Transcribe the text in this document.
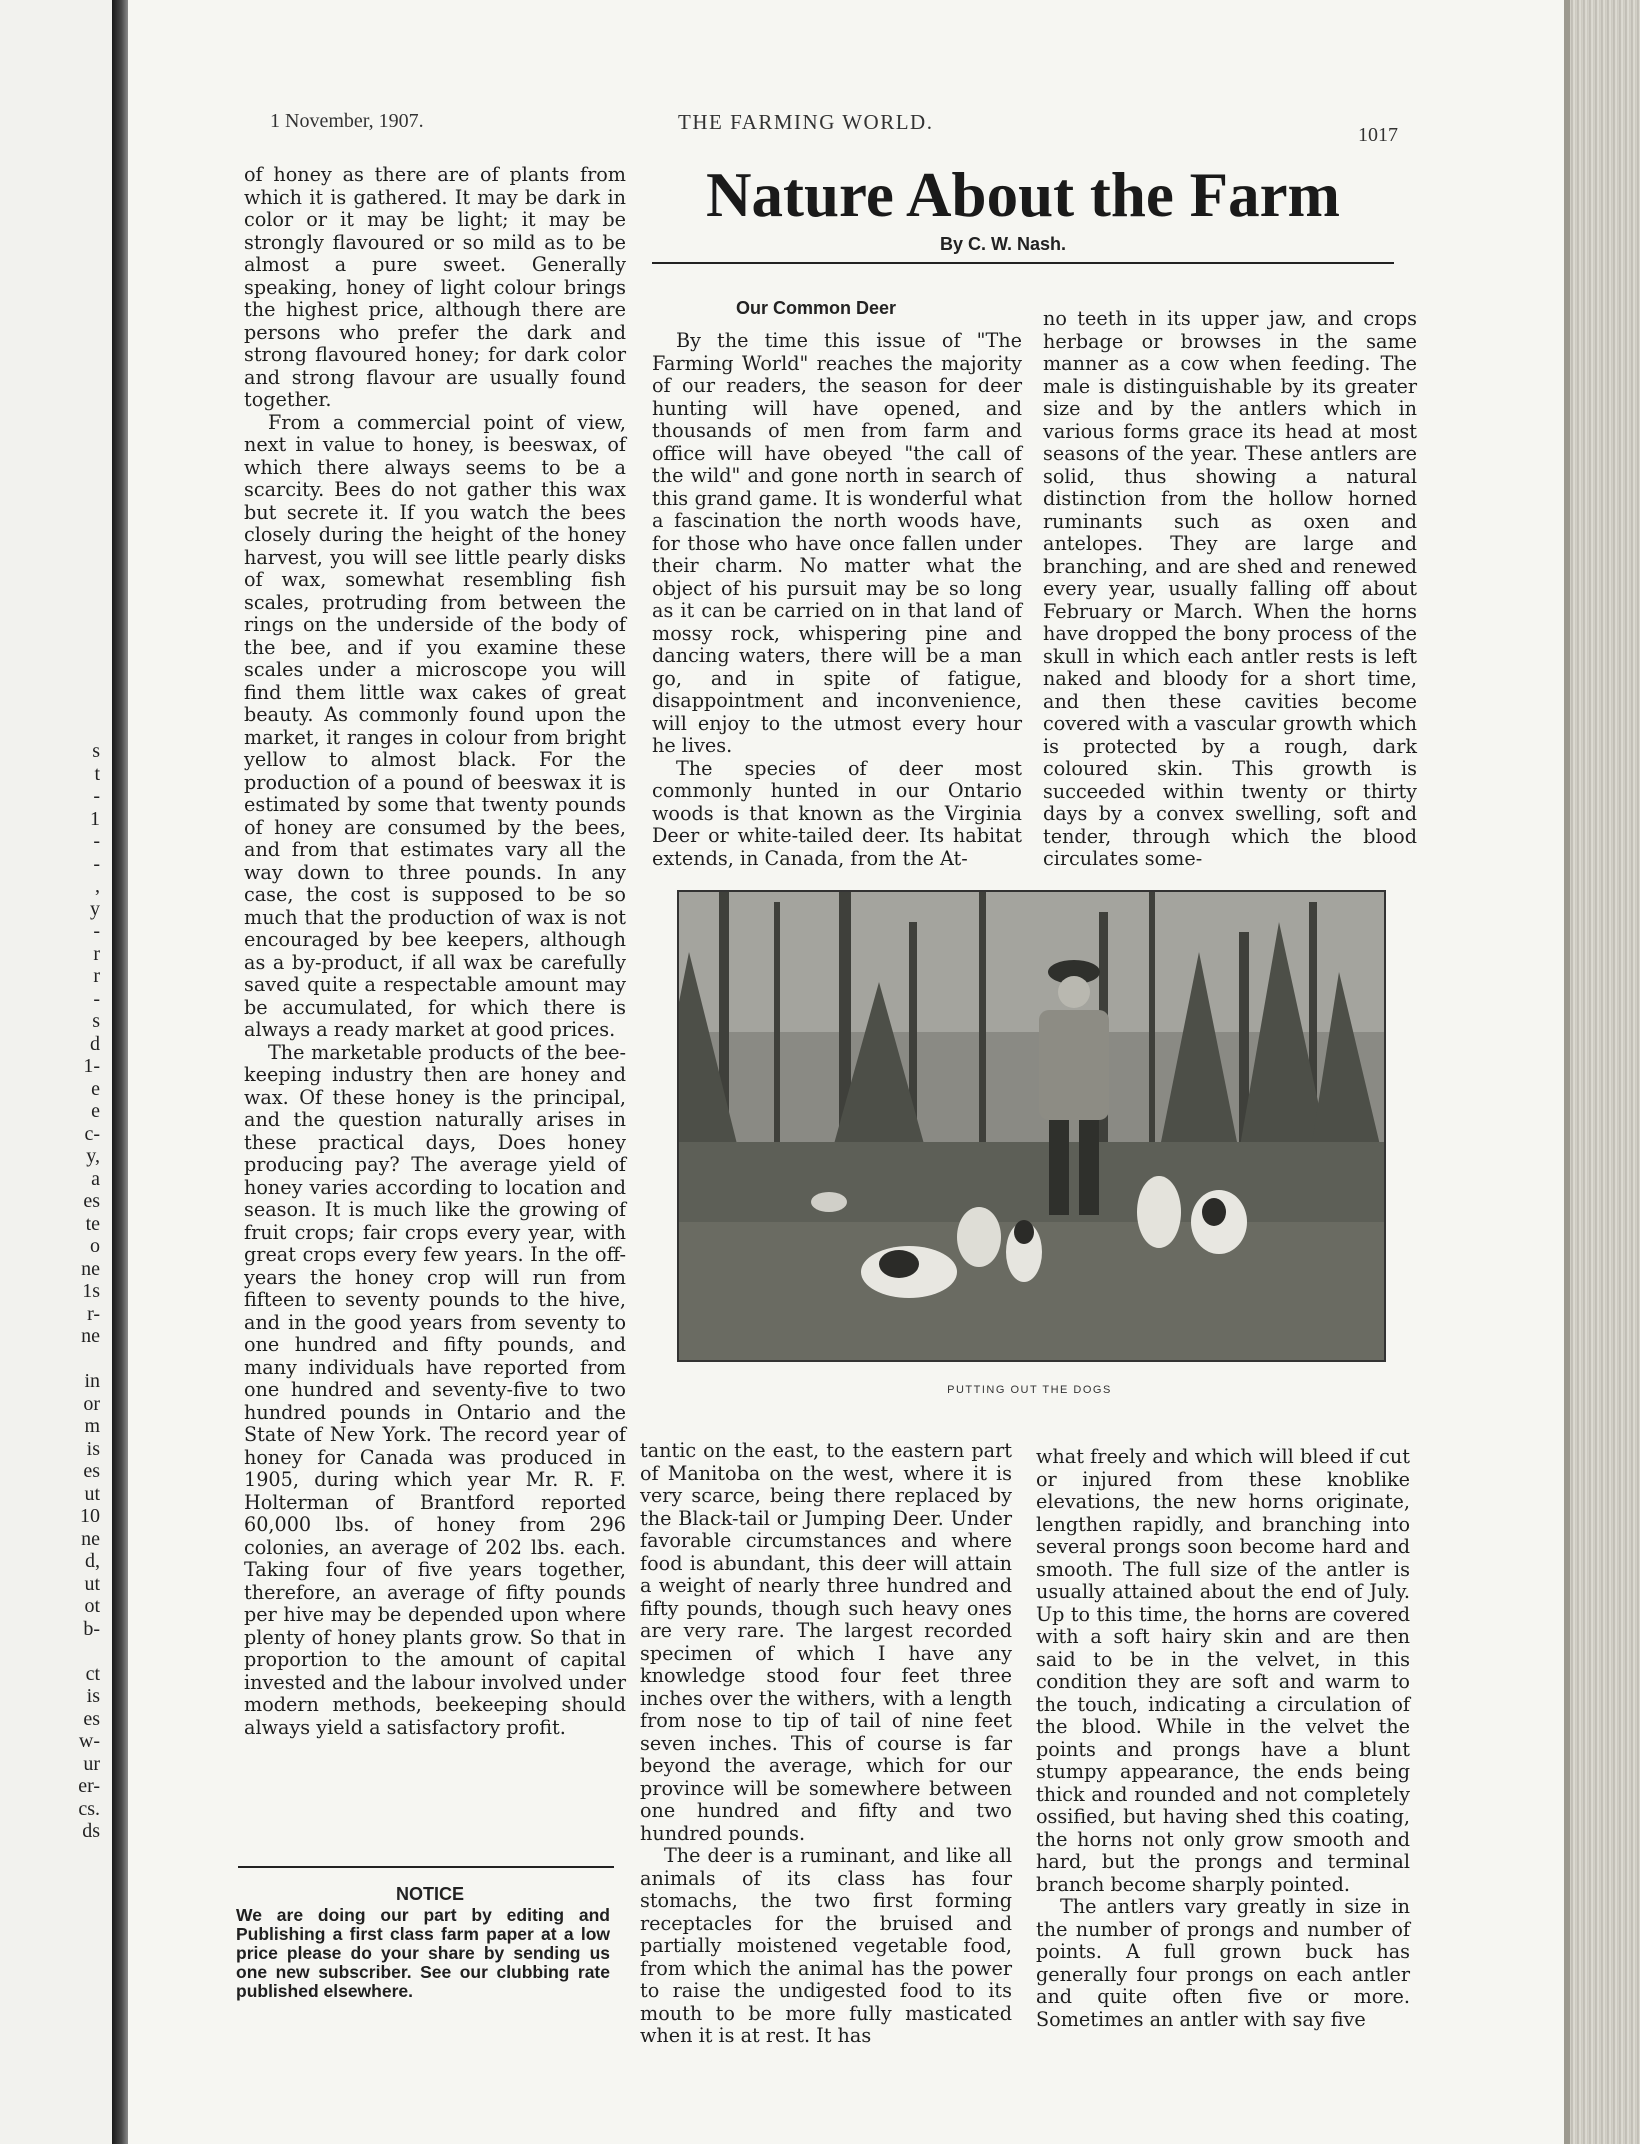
s
t
-
1
-
-
,
y
-
r
r
-
s
d
1-
e
e
c-
y,
a
es
te
o
ne
1s
r-
ne
in
or
m
is
es
ut
10
ne
d,
ut
ot
b-
ct
is
es
w-
ur
er-
cs.
ds
1 November, 1907.	THE FARMING WORLD.
1017
Nature About the Farm
By C. W. Nash.

of honey as there are of plants from which it is gathered. It may be dark in color or it may be light; it may be strongly flavoured or so mild as to be almost a pure sweet. Generally speaking, honey of light colour brings the highest price, although there are persons who prefer the dark and strong flavoured honey; for dark color and strong flavour are usually found together.

From a commercial point of view, next in value to honey, is beeswax, of which there always seems to be a scarcity. Bees do not gather this wax but secrete it. If you watch the bees closely during the height of the honey harvest, you will see little pearly disks of wax, somewhat resembling fish scales, protruding from between the rings on the underside of the body of the bee, and if you examine these scales under a microscope you will find them little wax cakes of great beauty. As commonly found upon the market, it ranges in colour from bright yellow to almost black. For the production of a pound of beeswax it is estimated by some that twenty pounds of honey are consumed by the bees, and from that estimates vary all the way down to three pounds. In any case, the cost is supposed to be so much that the production of wax is not encouraged by bee keepers, although as a by-product, if all wax be carefully saved quite a respectable amount may be accumulated, for which there is always a ready market at good prices.

The marketable products of the bee-keeping industry then are honey and wax. Of these honey is the principal, and the question naturally arises in these practical days, Does honey producing pay? The average yield of honey varies according to location and season. It is much like the growing of fruit crops; fair crops every year, with great crops every few years. In the off-years the honey crop will run from fifteen to seventy pounds to the hive, and in the good years from seventy to one hundred and fifty pounds, and many individuals have reported from one hundred and seventy-five to two hundred pounds in Ontario and the State of New York. The record year of honey for Canada was produced in 1905, during which year Mr. R. F. Holterman of Brantford reported 60,000 lbs. of honey from 296 colonies, an average of 202 lbs. each. Taking four of five years together, therefore, an average of fifty pounds per hive may be depended upon where plenty of honey plants grow. So that in proportion to the amount of capital invested and the labour involved under modern methods, beekeeping should always yield a satisfactory profit.

NOTICE
We are doing our part by editing and Publishing a first class farm paper at a low price please do your share by sending us one new subscriber. See our clubbing rate published elsewhere.
Our Common Deer

By the time this issue of "The Farming World" reaches the majority of our readers, the season for deer hunting will have opened, and thousands of men from farm and office will have obeyed "the call of the wild" and gone north in search of this grand game. It is wonderful what a fascination the north woods have, for those who have once fallen under their charm. No matter what the object of his pursuit may be so long as it can be carried on in that land of mossy rock, whispering pine and dancing waters, there will be a man go, and in spite of fatigue, disappointment and inconvenience, will enjoy to the utmost every hour he lives.

The species of deer most commonly hunted in our Ontario woods is that known as the Virginia Deer or white-tailed deer. Its habitat extends, in Canada, from the At-

no teeth in its upper jaw, and crops herbage or browses in the same manner as a cow when feeding. The male is distinguishable by its greater size and by the antlers which in various forms grace its head at most seasons of the year. These antlers are solid, thus showing a natural distinction from the hollow horned ruminants such as oxen and antelopes. They are large and branching, and are shed and renewed every year, usually falling off about February or March. When the horns have dropped the bony process of the skull in which each antler rests is left naked and bloody for a short time, and then these cavities become covered with a vascular growth which is protected by a rough, dark coloured skin. This growth is succeeded within twenty or thirty days by a convex swelling, soft and tender, through which the blood circulates some-

PUTTING OUT THE DOGS

tantic on the east, to the eastern part of Manitoba on the west, where it is very scarce, being there replaced by the Black-tail or Jumping Deer. Under favorable circumstances and where food is abundant, this deer will attain a weight of nearly three hundred and fifty pounds, though such heavy ones are very rare. The largest recorded specimen of which I have any knowledge stood four feet three inches over the withers, with a length from nose to tip of tail of nine feet seven inches. This of course is far beyond the average, which for our province will be somewhere between one hundred and fifty and two hundred pounds.

The deer is a ruminant, and like all animals of its class has four stomachs, the two first forming receptacles for the bruised and partially moistened vegetable food, from which the animal has the power to raise the undigested food to its mouth to be more fully masticated when it is at rest. It has

what freely and which will bleed if cut or injured from these knoblike elevations, the new horns originate, lengthen rapidly, and branching into several prongs soon become hard and smooth. The full size of the antler is usually attained about the end of July. Up to this time, the horns are covered with a soft hairy skin and are then said to be in the velvet, in this condition they are soft and warm to the touch, indicating a circulation of the blood. While in the velvet the points and prongs have a blunt stumpy appearance, the ends being thick and rounded and not completely ossified, but having shed this coating, the horns not only grow smooth and hard, but the prongs and terminal branch become sharply pointed.

The antlers vary greatly in size in the number of prongs and number of points. A full grown buck has generally four prongs on each antler and quite often five or more. Sometimes an antler with say five
